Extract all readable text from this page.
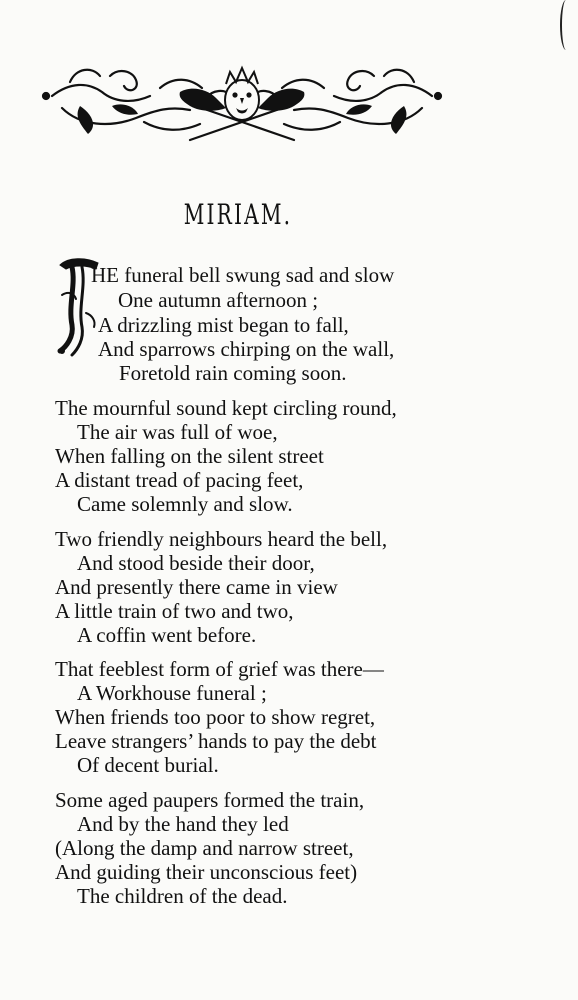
MIRIAM.
HE funeral bell swung sad and slow
One autumn afternoon ;
A drizzling mist began to fall,
And sparrows chirping on the wall,
Foretold rain coming soon.
The mournful sound kept circling round,
The air was full of woe,
When falling on the silent street
A distant tread of pacing feet,
Came solemnly and slow.
Two friendly neighbours heard the bell,
And stood beside their door,
And presently there came in view
A little train of two and two,
A coffin went before.
That feeblest form of grief was there—
A Workhouse funeral ;
When friends too poor to show regret,
Leave strangers’ hands to pay the debt
Of decent burial.
Some aged paupers formed the train,
And by the hand they led
(Along the damp and narrow street,
And guiding their unconscious feet)
The children of the dead.
